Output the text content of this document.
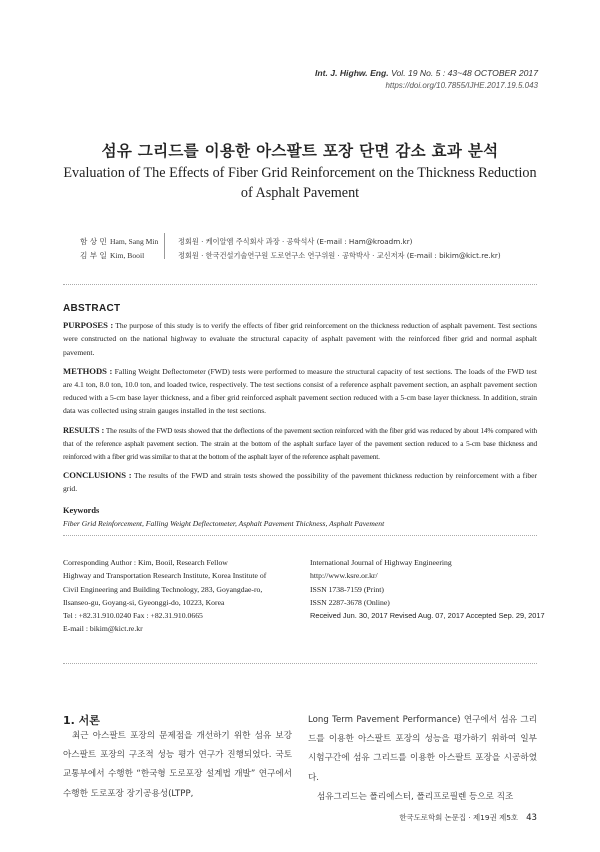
Int. J. Highw. Eng. Vol. 19 No. 5 : 43~48 OCTOBER 2017
https://doi.org/10.7855/IJHE.2017.19.5.043
섬유 그리드를 이용한 아스팔트 포장 단면 감소 효과 분석
Evaluation of The Effects of Fiber Grid Reinforcement on the Thickness Reduction of Asphalt Pavement
함 상 민 Ham, Sang Min	정회원 · 케이알엠 주식회사 과장 · 공학석사 (E-mail : Ham@kroadm.kr)
김 부 일 Kim, Booil	정회원 · 한국건설기술연구원 도로연구소 연구위원 · 공학박사 · 교신저자 (E-mail : bikim@kict.re.kr)
ABSTRACT

PURPOSES : The purpose of this study is to verify the effects of fiber grid reinforcement on the thickness reduction of asphalt pavement. Test sections were constructed on the national highway to evaluate the structural capacity of asphalt pavement with the reinforced fiber grid and normal asphalt pavement.

METHODS : Falling Weight Deflectometer (FWD) tests were performed to measure the structural capacity of test sections. The loads of the FWD test are 4.1 ton, 8.0 ton, 10.0 ton, and loaded twice, respectively. The test sections consist of a reference asphalt pavement section, an asphalt pavement section reduced with a 5-cm base layer thickness, and a fiber grid reinforced asphalt pavement section reduced with a 5-cm base layer thickness. In addition, strain data was collected using strain gauges installed in the test sections.

RESULTS : The results of the FWD tests showed that the deflections of the pavement section reinforced with the fiber grid was reduced by about 14% compared with that of the reference asphalt pavement section. The strain at the bottom of the asphalt surface layer of the pavement section reduced to a 5-cm base thickness and reinforced with a fiber grid was similar to that at the bottom of the asphalt layer of the reference asphalt pavement.

CONCLUSIONS : The results of the FWD and strain tests showed the possibility of the pavement thickness reduction by reinforcement with a fiber grid.

Keywords
Fiber Grid Reinforcement, Falling Weight Deflectometer, Asphalt Pavement Thickness, Asphalt Pavement
Corresponding Author : Kim, Booil, Research Fellow
Highway and Transportation Research Institute, Korea Institute of
Civil Engineering and Building Technology, 283, Goyangdae-ro,
Ilsanseo-gu, Goyang-si, Gyeonggi-do, 10223, Korea
Tel : +82.31.910.0240 Fax : +82.31.910.0665
E-mail : bikim@kict.re.kr
International Journal of Highway Engineering
http://www.ksre.or.kr/
ISSN 1738-7159 (Print)
ISSN 2287-3678 (Online)
Received Jun. 30, 2017 Revised Aug. 07, 2017 Accepted Sep. 29, 2017
1. 서론
최근 아스팔트 포장의 문제점을 개선하기 위한 섬유 보강 아스팔트 포장의 구조적 성능 평가 연구가 진행되었다. 국토교통부에서 수행한 “한국형 도로포장 설계법 개발” 연구에서 수행한 도로포장 장기공용성(LTPP,
Long Term Pavement Performance) 연구에서 섬유 그리드를 이용한 아스팔트 포장의 성능을 평가하기 위하여 일부 시험구간에 섬유 그리드를 이용한 아스팔트 포장을 시공하였다.
섬유그리드는 폴리에스터, 폴리프로필렌 등으로 직조
한국도로학회 논문집 · 제19권 제5호 43
